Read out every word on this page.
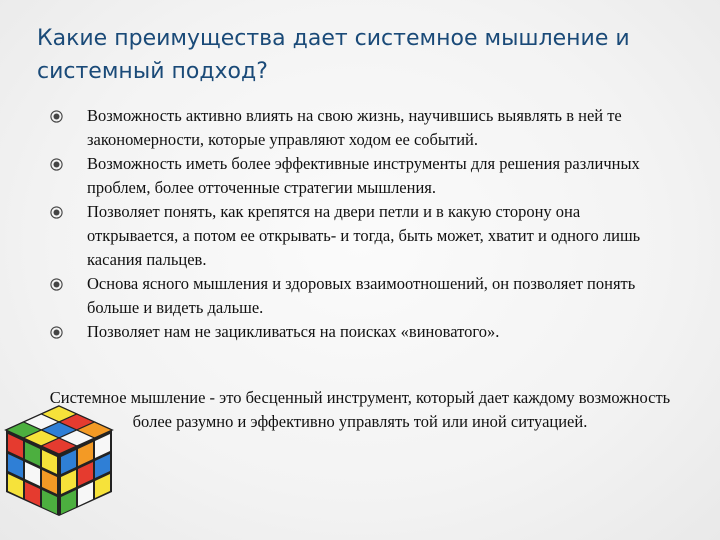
Какие преимущества дает системное мышление и системный подход?
Возможность активно влиять на свою жизнь, научившись выявлять в ней те закономерности, которые управляют ходом ее событий.
Возможность иметь более эффективные инструменты для решения различных проблем, более отточенные стратегии мышления.
Позволяет понять, как крепятся на двери петли и в какую сторону она открывается, а потом ее открывать- и тогда, быть может, хватит и одного лишь касания пальцев.
Основа ясного мышления и здоровых взаимоотношений, он позволяет понять больше и видеть дальше.
Позволяет нам не зацикливаться на поисках «виноватого».

Системное мышление - это бесценный инструмент, который дает каждому возможность более разумно и эффективно управлять той или иной ситуацией.
